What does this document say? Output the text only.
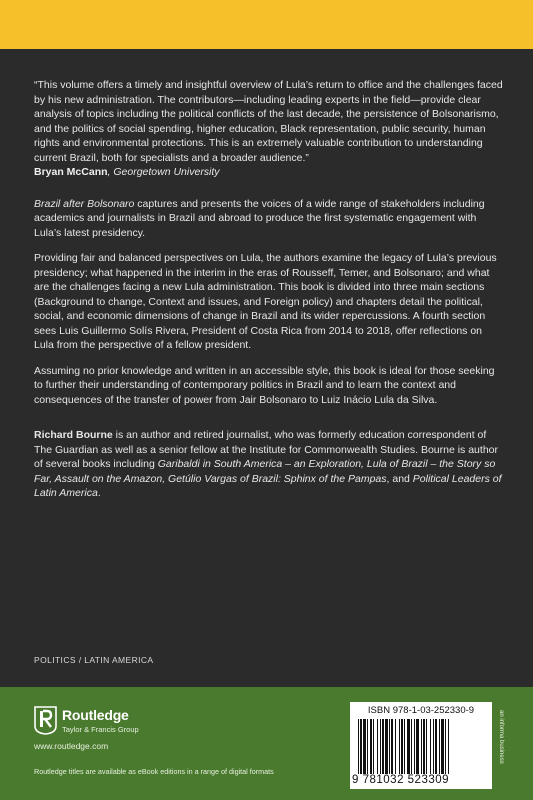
“This volume offers a timely and insightful overview of Lula’s return to office and the challenges faced by his new administration. The contributors—including leading experts in the field—provide clear analysis of topics including the political conflicts of the last decade, the persistence of Bolsonarismo, and the politics of social spending, higher education, Black representation, public security, human rights and environmental protections. This is an extremely valuable contribution to understanding current Brazil, both for specialists and a broader audience.”

Bryan McCann, Georgetown University

Brazil after Bolsonaro captures and presents the voices of a wide range of stakeholders including academics and journalists in Brazil and abroad to produce the first systematic engagement with Lula’s latest presidency.

Providing fair and balanced perspectives on Lula, the authors examine the legacy of Lula’s previous presidency; what happened in the interim in the eras of Rousseff, Temer, and Bolsonaro; and what are the challenges facing a new Lula administration. This book is divided into three main sections (Background to change, Context and issues, and Foreign policy) and chapters detail the political, social, and economic dimensions of change in Brazil and its wider repercussions. A fourth section sees Luis Guillermo Solís Rivera, President of Costa Rica from 2014 to 2018, offer reflections on Lula from the perspective of a fellow president.

Assuming no prior knowledge and written in an accessible style, this book is ideal for those seeking to further their understanding of contemporary politics in Brazil and to learn the context and consequences of the transfer of power from Jair Bolsonaro to Luiz Inácio Lula da Silva.

Richard Bourne is an author and retired journalist, who was formerly education correspondent of The Guardian as well as a senior fellow at the Institute for Commonwealth Studies. Bourne is author of several books including Garibaldi in South America – an Exploration, Lula of Brazil – the Story so Far, Assault on the Amazon, Getúlio Vargas of Brazil: Sphinx of the Pampas, and Political Leaders of Latin America.

POLITICS / LATIN AMERICA
Routledge
Taylor & Francis Group
www.routledge.com
Routledge titles are available as eBook editions in a range of digital formats
ISBN 978-1-03-252330-9
9 781032 523309
an informa business
